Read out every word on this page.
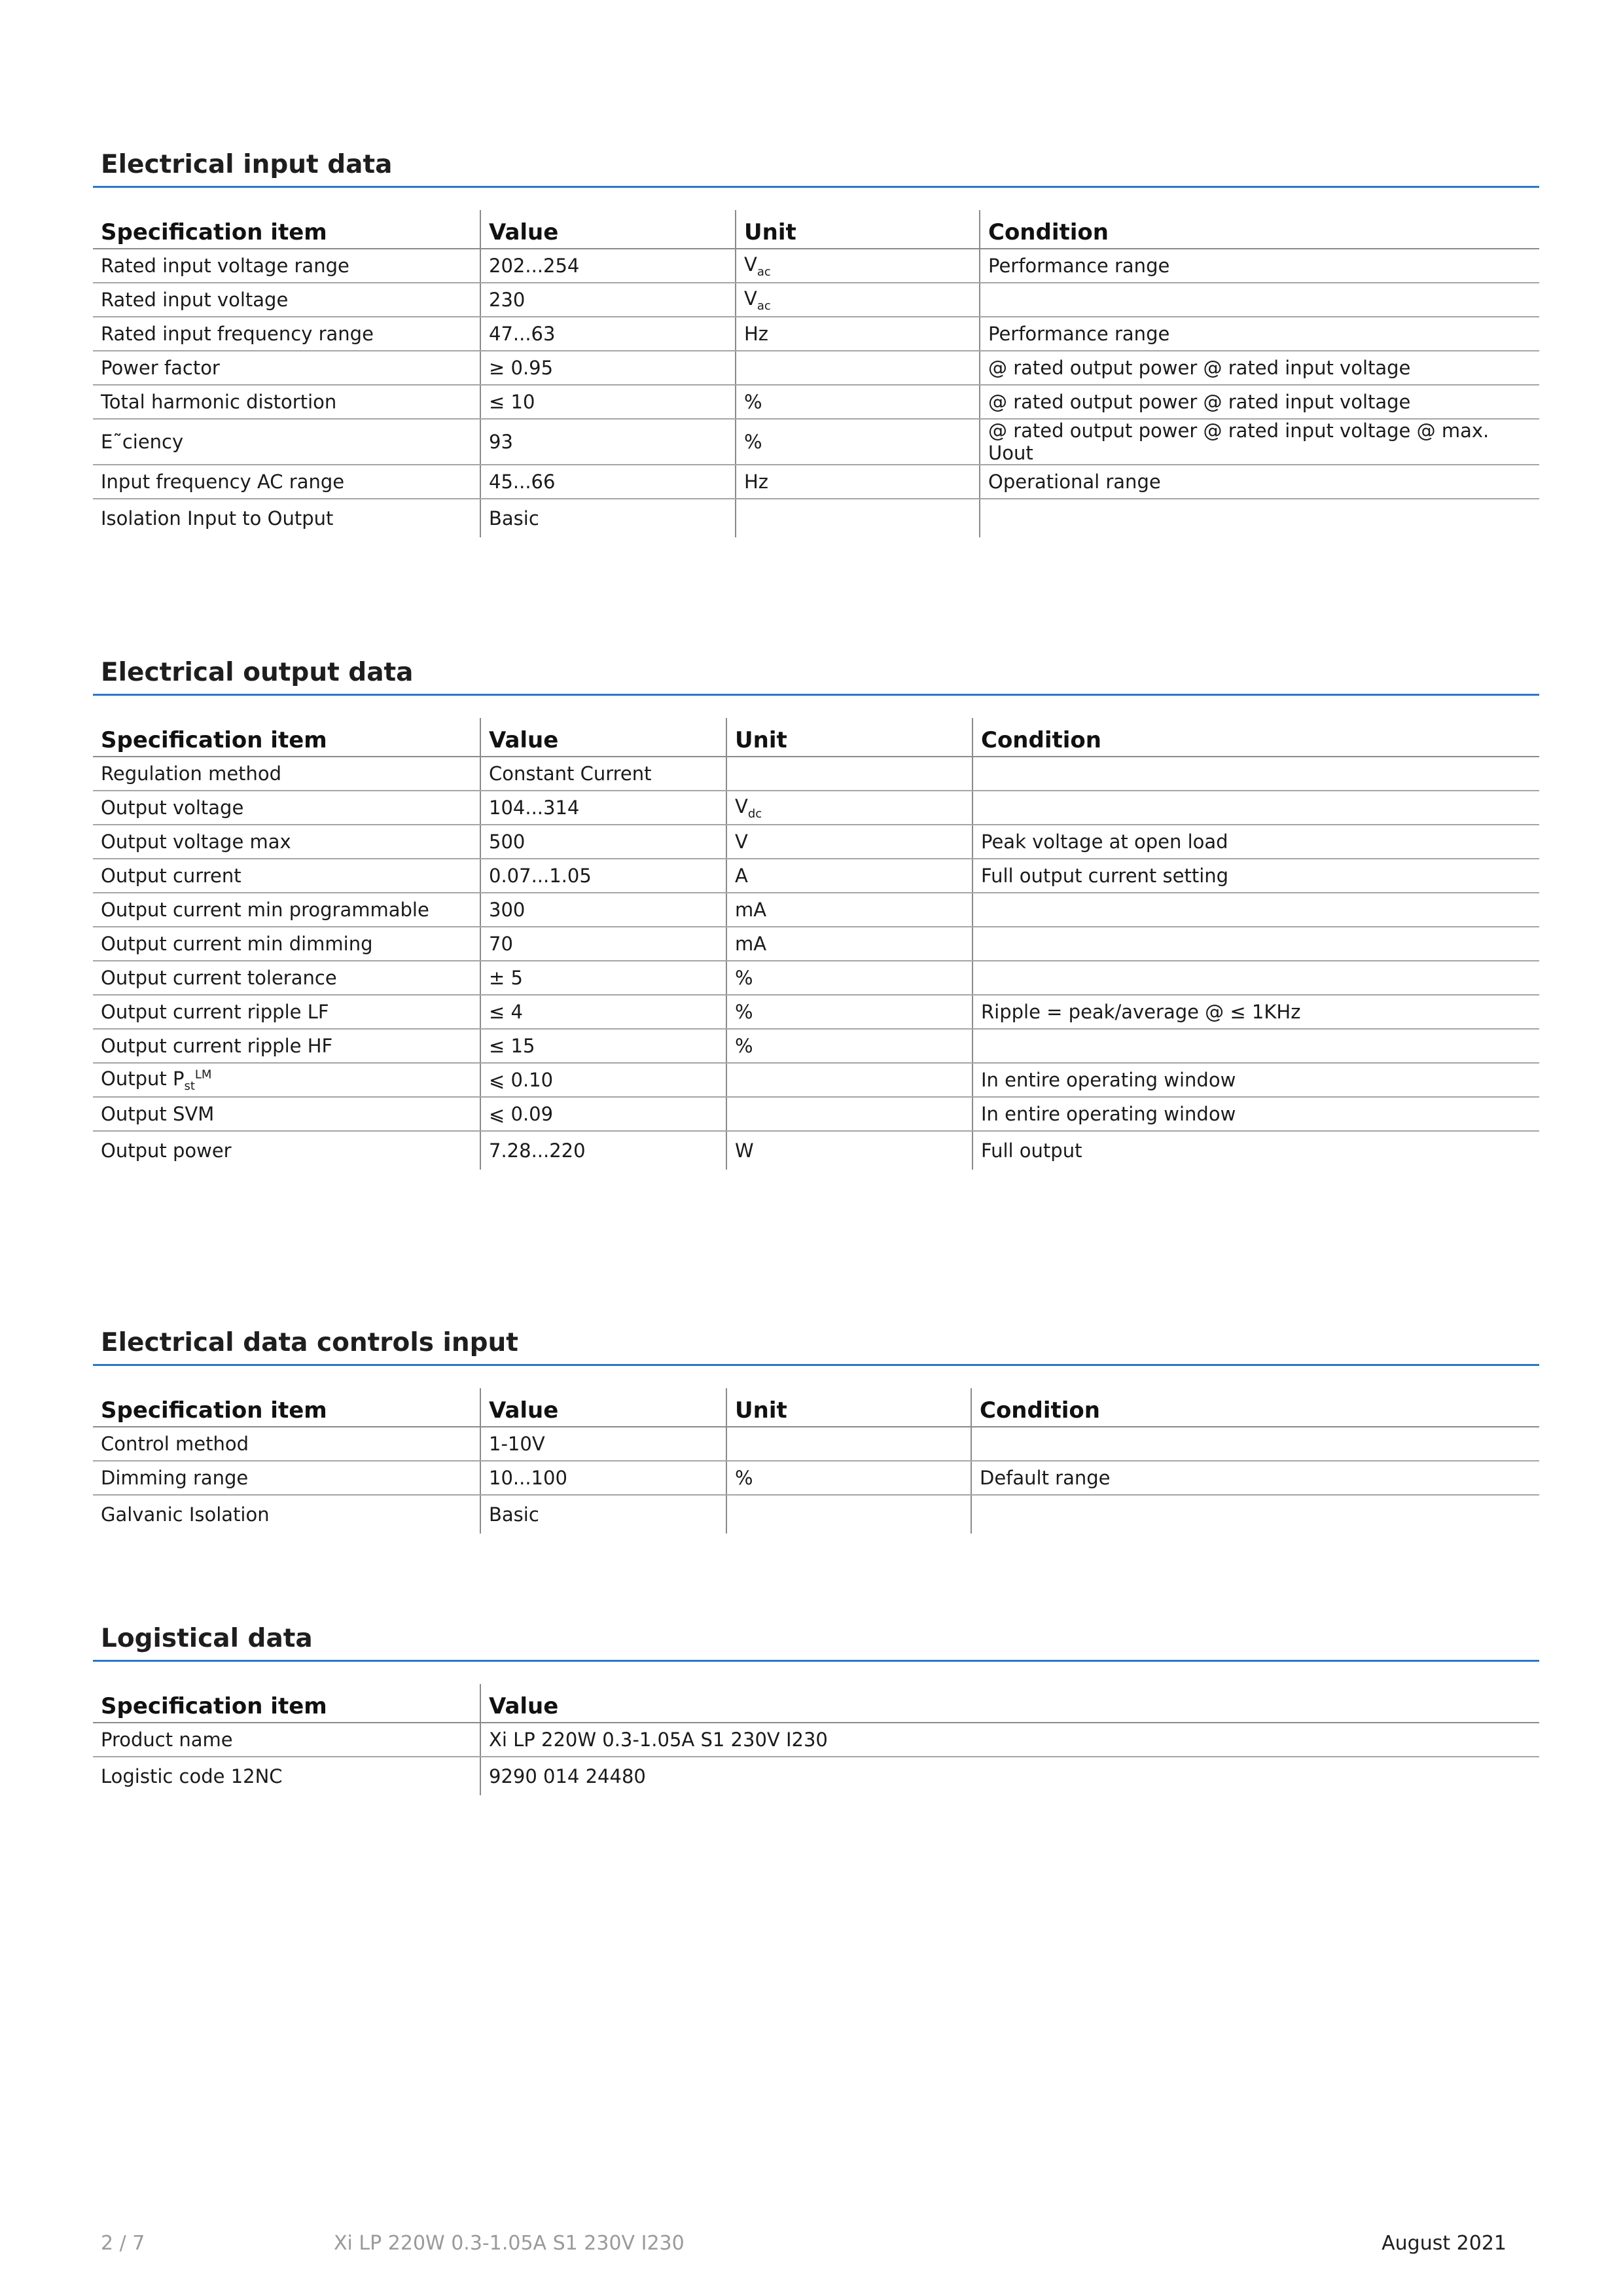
Electrical input data
Specification item	Value	Unit	Condition
Rated input voltage range	202...254	$V_{ac}$	Performance range
Rated input voltage	230	$V_{ac}$	
Rated input frequency range	47...63	Hz	Performance range
Power factor	≥ 0.95		@ rated output power @ rated input voltage
Total harmonic distortion	≤ 10	%	@ rated output power @ rated input voltage
E˜ciency	93	%	@ rated output power @ rated input voltage @ max. Uout
Input frequency AC range	45...66	Hz	Operational range
Isolation Input to Output	Basic		
Electrical output data
Specification item	Value	Unit	Condition
Regulation method	Constant Current		
Output voltage	104...314	$V_{dc}$	
Output voltage max	500	V	Peak voltage at open load
Output current	0.07...1.05	A	Full output current setting
Output current min programmable	300	mA	
Output current min dimming	70	mA	
Output current tolerance	± 5	%	
Output current ripple LF	≤ 4	%	Ripple = peak/average @ ≤ 1KHz
Output current ripple HF	≤ 15	%	
Output $P_{st}^{LM}$	⩽ 0.10		In entire operating window
Output SVM	⩽ 0.09		In entire operating window
Output power	7.28...220	W	Full output
Electrical data controls input
Specification item	Value	Unit	Condition
Control method	1-10V		
Dimming range	10...100	%	Default range
Galvanic Isolation	Basic		
Logistical data
Specification item	Value
Product name	Xi LP 220W 0.3-1.05A S1 230V I230
Logistic code 12NC	9290 014 24480
2 / 7	Xi LP 220W 0.3-1.05A S1 230V I230	August 2021
